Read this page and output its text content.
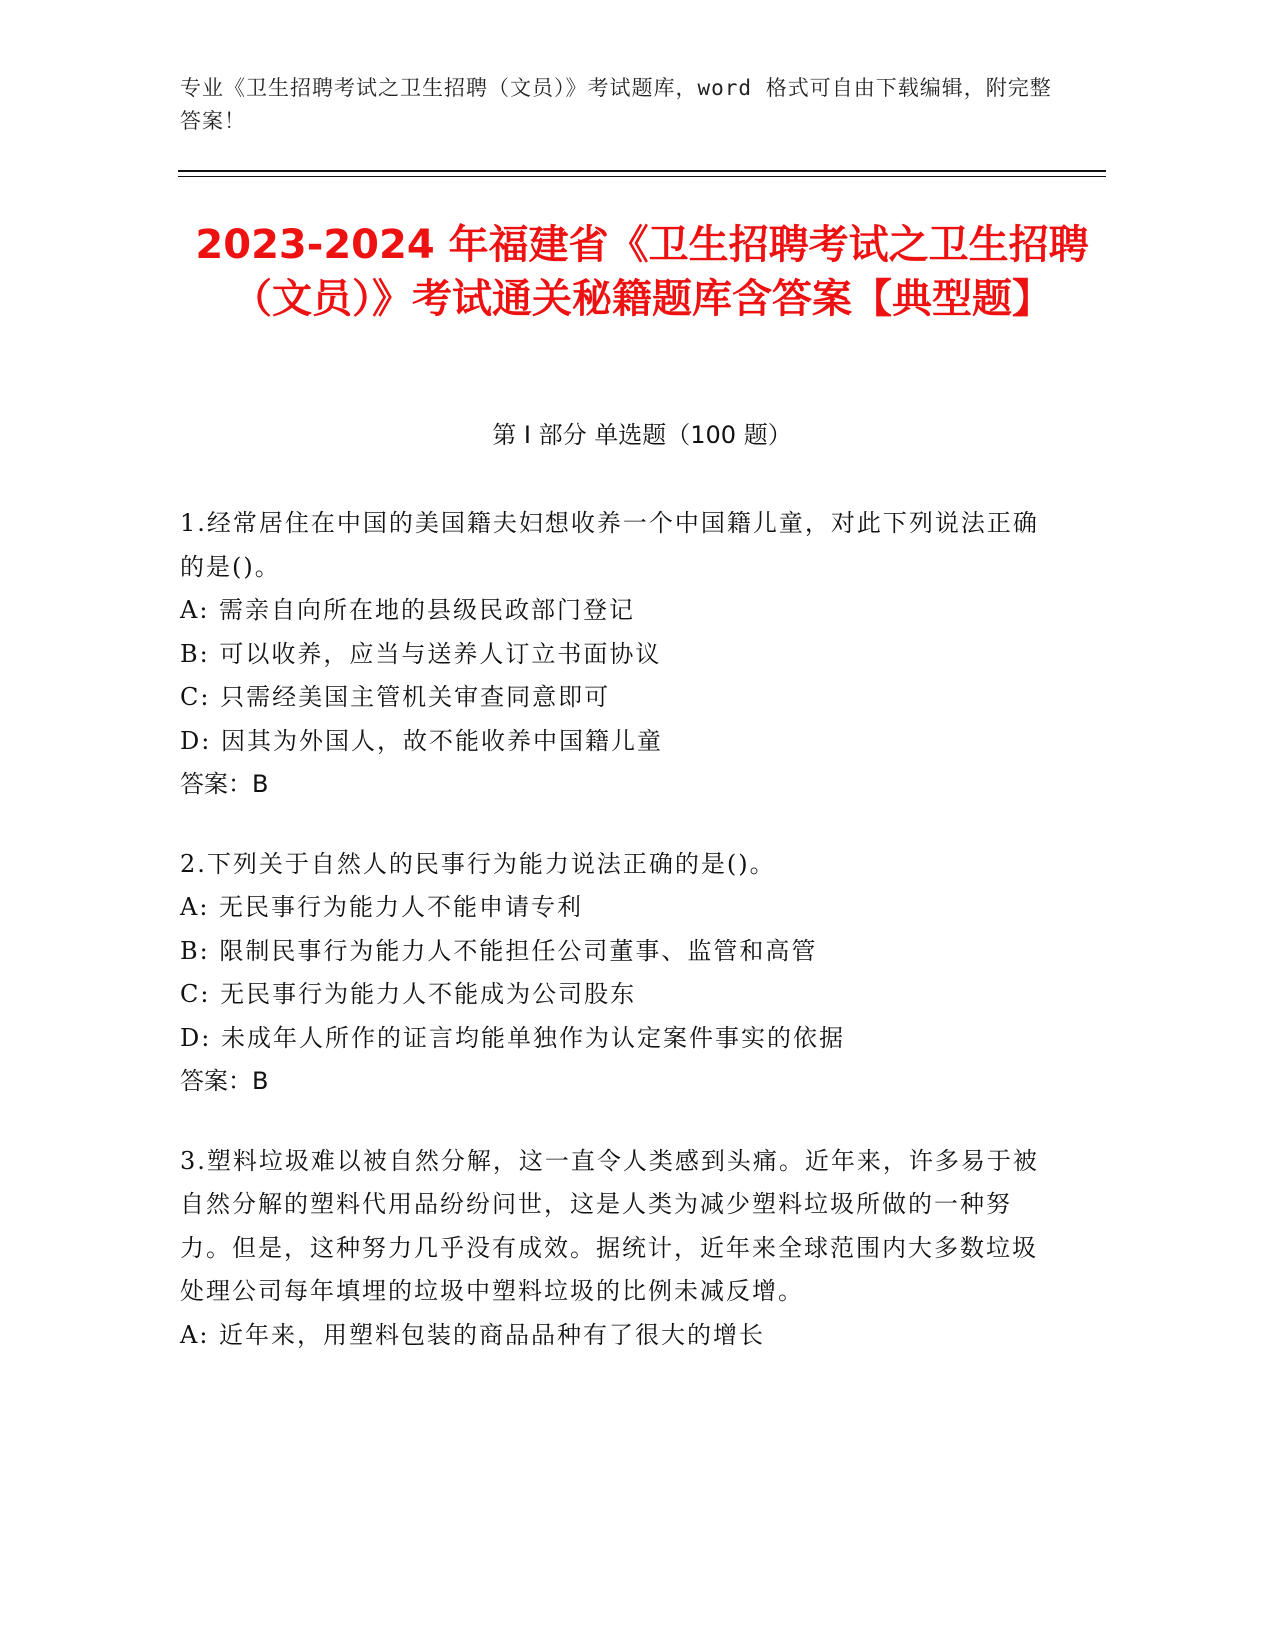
专业《卫生招聘考试之卫生招聘（文员）》考试题库，word 格式可自由下载编辑，附完整答案！
2023-2024 年福建省《卫生招聘考试之卫生招聘（文员）》考试通关秘籍题库含答案【典型题】
第 I 部分 单选题（100 题）
1.经常居住在中国的美国籍夫妇想收养一个中国籍儿童，对此下列说法正确的是()。
A: 需亲自向所在地的县级民政部门登记
B: 可以收养，应当与送养人订立书面协议
C: 只需经美国主管机关审查同意即可
D: 因其为外国人，故不能收养中国籍儿童
答案：B
2.下列关于自然人的民事行为能力说法正确的是()。
A: 无民事行为能力人不能申请专利
B: 限制民事行为能力人不能担任公司董事、监管和高管
C: 无民事行为能力人不能成为公司股东
D: 未成年人所作的证言均能单独作为认定案件事实的依据
答案：B
3.塑料垃圾难以被自然分解，这一直令人类感到头痛。近年来，许多易于被自然分解的塑料代用品纷纷问世，这是人类为减少塑料垃圾所做的一种努力。但是，这种努力几乎没有成效。据统计，近年来全球范围内大多数垃圾处理公司每年填埋的垃圾中塑料垃圾的比例未减反增。
A: 近年来，用塑料包装的商品品种有了很大的增长
